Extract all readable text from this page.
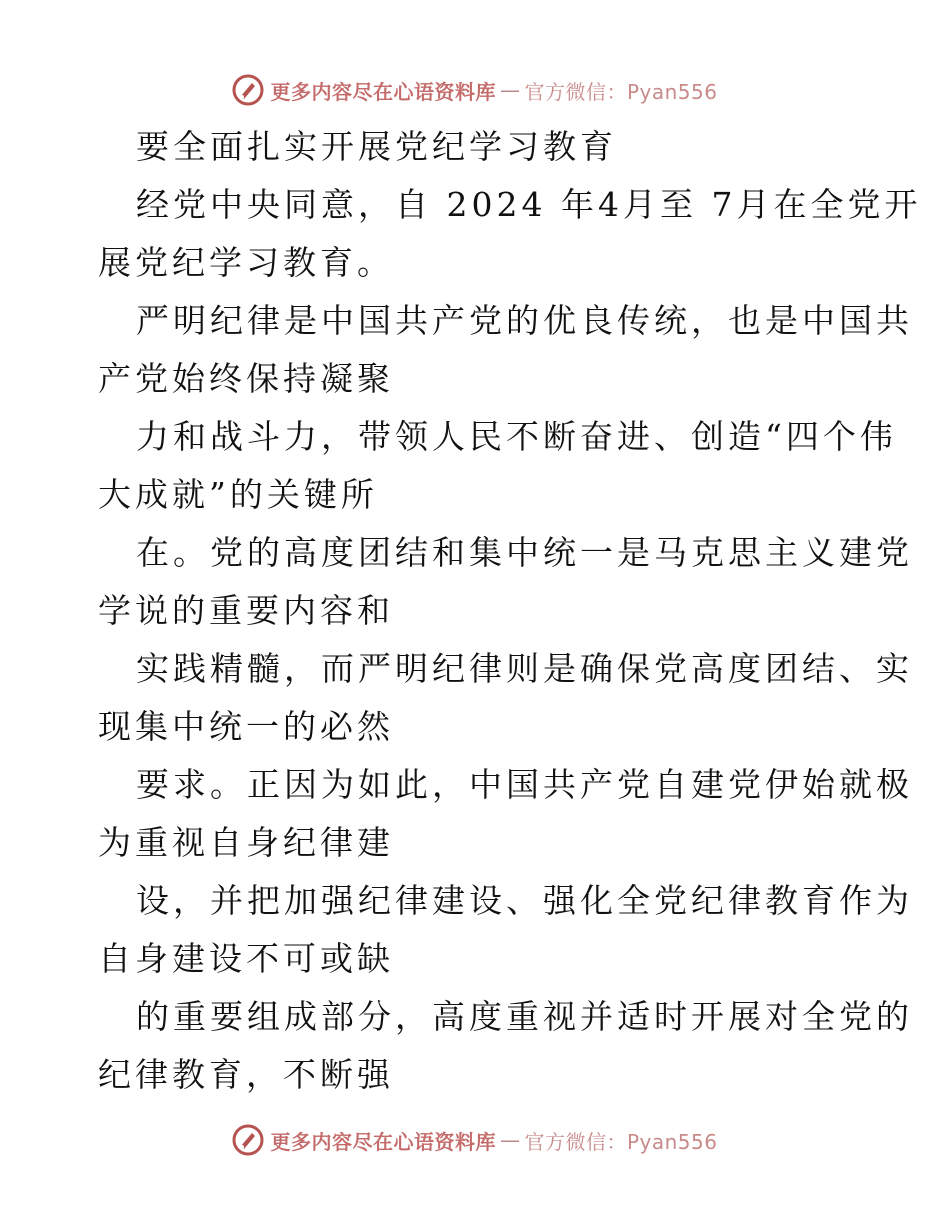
更多内容尽在心语资料库 — 官方微信：Pyan556
要全面扎实开展党纪学习教育
经党中央同意，自 2024 年4月至 7月在全党开
展党纪学习教育。
严明纪律是中国共产党的优良传统，也是中国共
产党始终保持凝聚
力和战斗力，带领人民不断奋进、创造“四个伟
大成就”的关键所
在。党的高度团结和集中统一是马克思主义建党
学说的重要内容和
实践精髓，而严明纪律则是确保党高度团结、实
现集中统一的必然
要求。正因为如此，中国共产党自建党伊始就极
为重视自身纪律建
设，并把加强纪律建设、强化全党纪律教育作为
自身建设不可或缺
的重要组成部分，高度重视并适时开展对全党的
纪律教育，不断强
更多内容尽在心语资料库 — 官方微信：Pyan556
